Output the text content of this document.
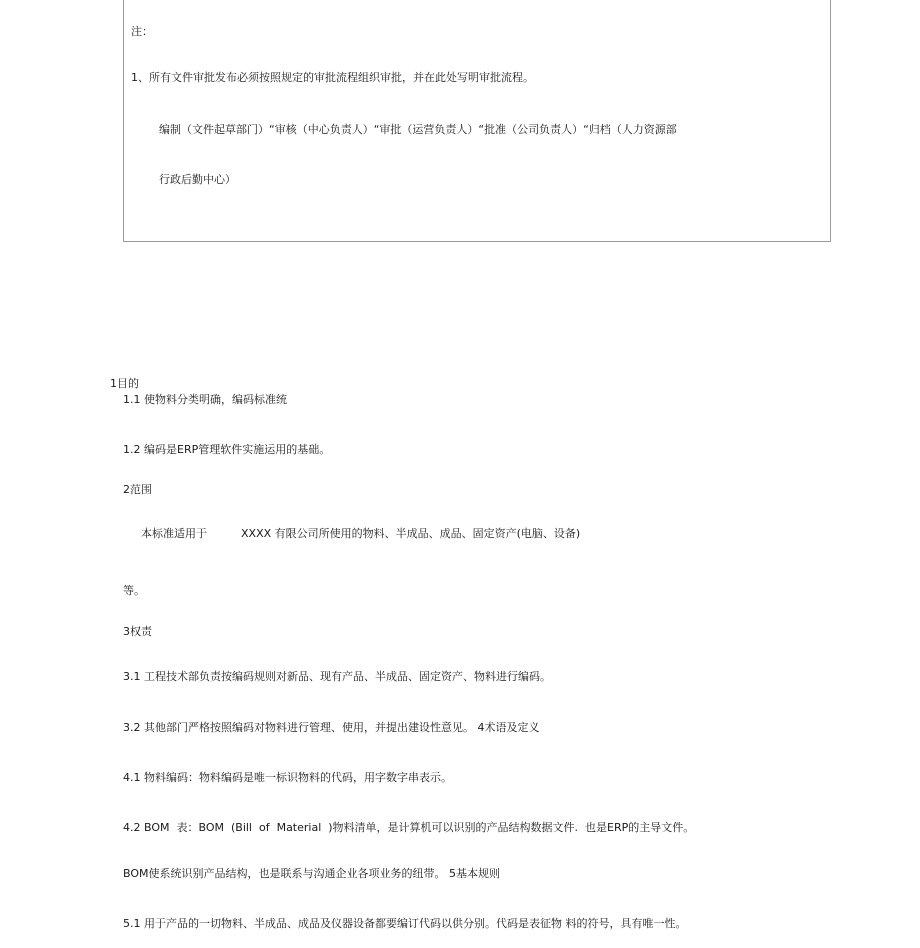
注：
1、所有文件审批发布必须按照规定的审批流程组织审批，并在此处写明审批流程。
编制（文件起草部门）“审核（中心负责人）“审批（运营负责人）“批准（公司负责人）“归档（人力资源部
行政后勤中心）
1目的
1.1 使物料分类明确，编码标准统
1.2 编码是ERP管理软件实施运用的基础。
2范围
本标准适用于	XXXX 有限公司所使用的物料、半成品、成品、固定资产(电脑、设备)
等。
3权责
3.1 工程技术部负责按编码规则对新品、现有产品、半成品、固定资产、物料进行编码。
3.2 其他部门严格按照编码对物料进行管理、使用，并提出建设性意见。 4术语及定义
4.1 物料编码：物料编码是唯一标识物料的代码，用字数字串表示。
4.2 BOM  表：BOM  (Bill  of  Material  )物料清单，是计算机可以识别的产品结构数据文件.  也是ERP的主导文件。
BOM使系统识别产品结构，也是联系与沟通企业各项业务的纽带。 5基本规则
5.1 用于产品的一切物料、半成品、成品及仪器设备都要编订代码以供分别。代码是表征物 料的符号，具有唯一性。
